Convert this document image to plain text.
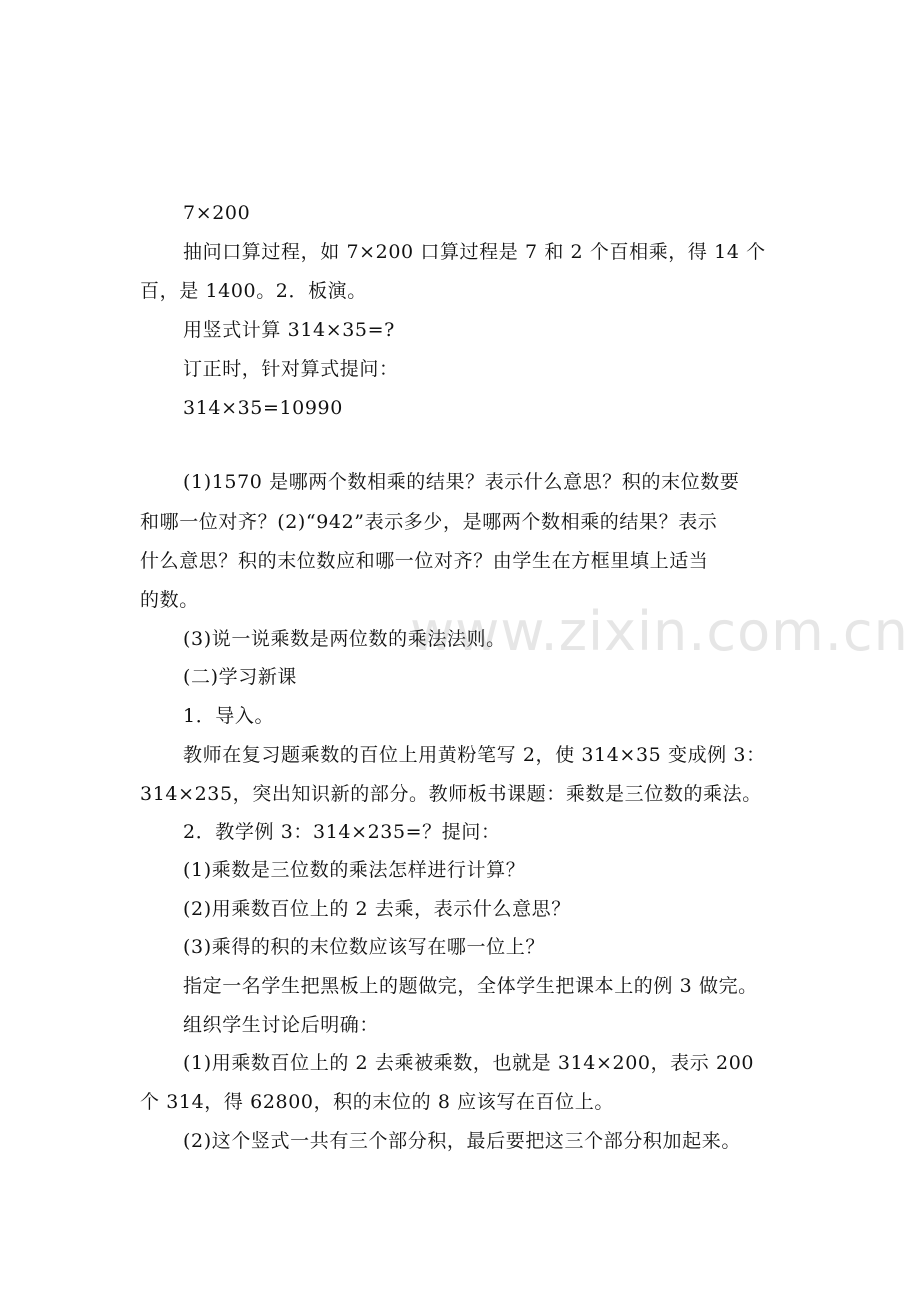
www.zixin.com.cn
7×200
抽问口算过程，如 7×200 口算过程是 7 和 2 个百相乘，得 14 个
百，是 1400。2．板演。
用竖式计算 314×35=?
订正时，针对算式提问：
314×35=10990
(1)1570 是哪两个数相乘的结果？表示什么意思？积的末位数要
和哪一位对齐？(2)“942”表示多少，是哪两个数相乘的结果？表示
什么意思？积的末位数应和哪一位对齐？由学生在方框里填上适当
的数。
(3)说一说乘数是两位数的乘法法则。
(二)学习新课
1．导入。
教师在复习题乘数的百位上用黄粉笔写 2，使 314×35 变成例 3：
314×235，突出知识新的部分。教师板书课题：乘数是三位数的乘法。
2．教学例 3：314×235=？提问：
(1)乘数是三位数的乘法怎样进行计算？
(2)用乘数百位上的 2 去乘，表示什么意思？
(3)乘得的积的末位数应该写在哪一位上？
指定一名学生把黑板上的题做完，全体学生把课本上的例 3 做完。
组织学生讨论后明确：
(1)用乘数百位上的 2 去乘被乘数，也就是 314×200，表示 200
个 314，得 62800，积的末位的 8 应该写在百位上。
(2)这个竖式一共有三个部分积，最后要把这三个部分积加起来。
